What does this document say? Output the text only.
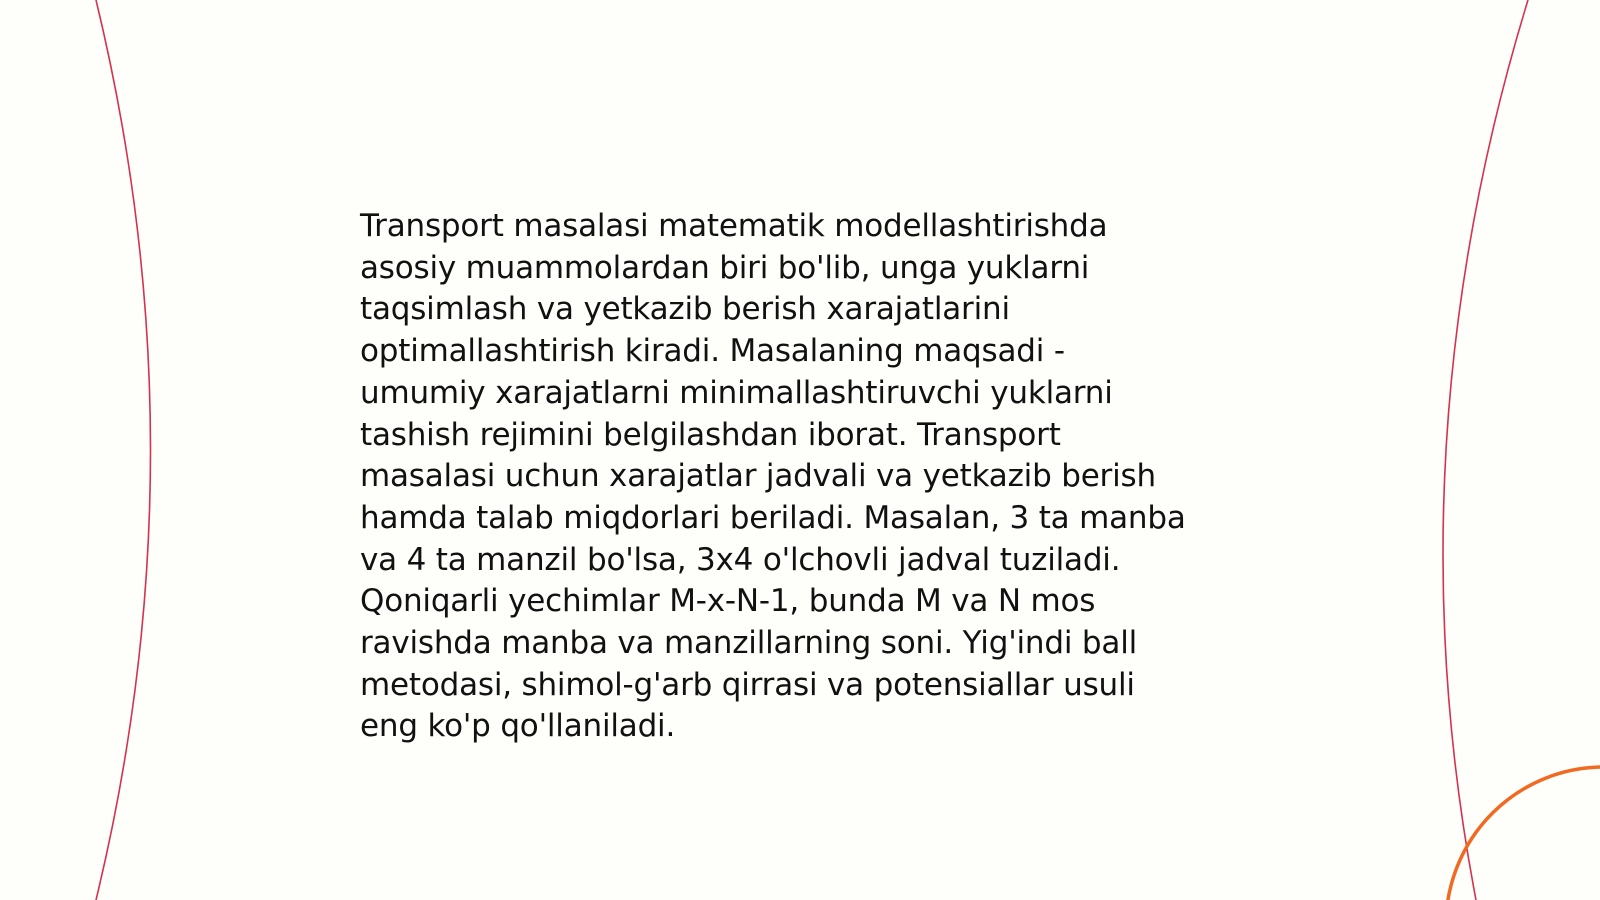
Transport masalasi matematik modellashtirishda
asosiy muammolardan biri bo'lib, unga yuklarni
taqsimlash va yetkazib berish xarajatlarini
optimallashtirish kiradi. Masalaning maqsadi -
umumiy xarajatlarni minimallashtiruvchi yuklarni
tashish rejimini belgilashdan iborat. Transport
masalasi uchun xarajatlar jadvali va yetkazib berish
hamda talab miqdorlari beriladi. Masalan, 3 ta manba
va 4 ta manzil bo'lsa, 3x4 o'lchovli jadval tuziladi.
Qoniqarli yechimlar M-x-N-1, bunda M va N mos
ravishda manba va manzillarning soni. Yig'indi ball
metodasi, shimol-g'arb qirrasi va potensiallar usuli
eng ko'p qo'llaniladi.
